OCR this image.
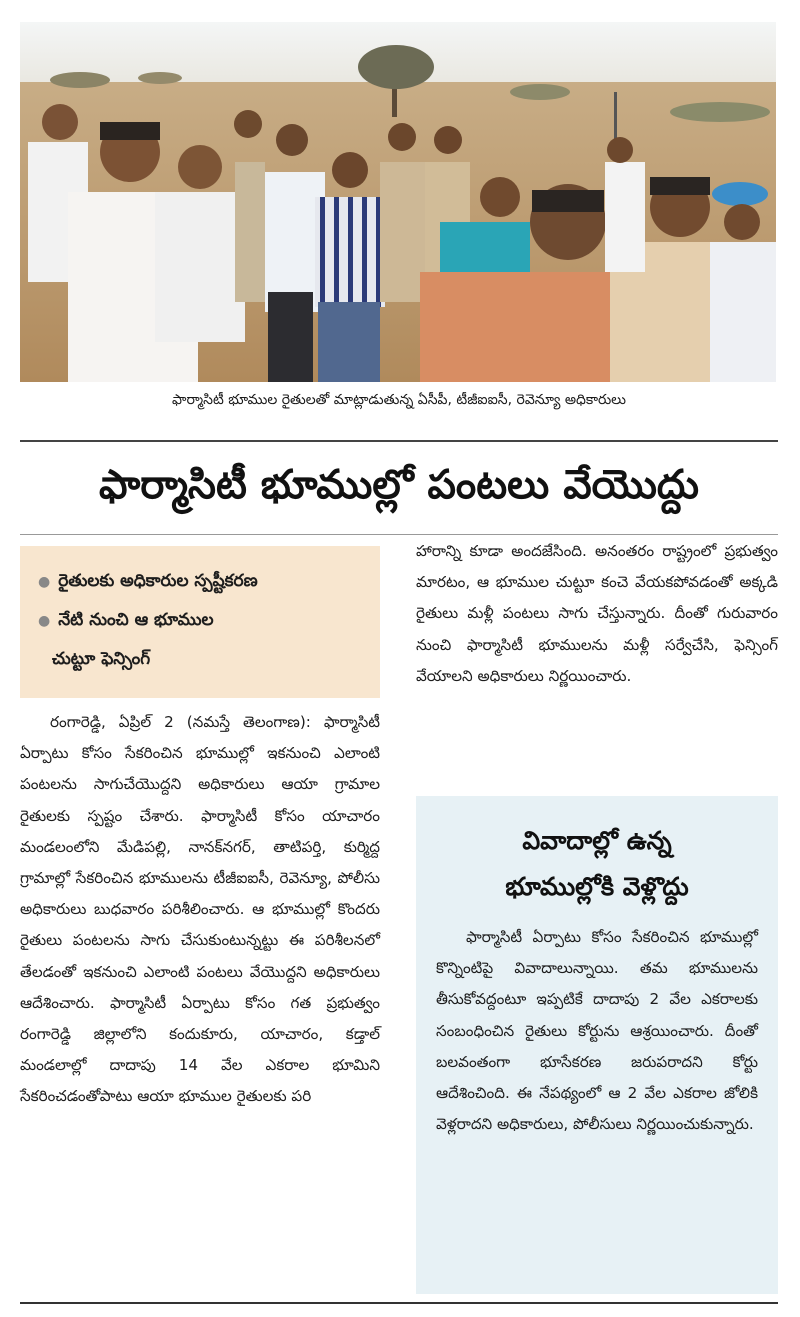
ఫార్మాసిటీ భూముల రైతులతో మాట్లాడుతున్న ఏసీపీ, టీజీఐఐసీ, రెవెన్యూ అధికారులు
ఫార్మాసిటీ భూముల్లో పంటలు వేయొద్దు
● రైతులకు అధికారుల స్పష్టీకరణ
● నేటి నుంచి ఆ భూముల
చుట్టూ ఫెన్సింగ్

రంగారెడ్డి, ఏప్రిల్ 2 (నమస్తే తెలంగాణ): ఫార్మాసిటీ ఏర్పాటు కోసం సేకరించిన భూముల్లో ఇకనుంచి ఎలాంటి పంటలను సాగుచేయొద్దని అధికారులు ఆయా గ్రామాల రైతులకు స్పష్టం చేశారు. ఫార్మాసిటీ కోసం యాచారం మండలంలోని మేడిపల్లి, నానక్‌నగర్, తాటిపర్తి, కుర్మిద్ద గ్రామాల్లో సేకరించిన భూములను టీజీఐఐసీ, రెవెన్యూ, పోలీసు అధికారులు బుధవారం పరిశీలించారు. ఆ భూముల్లో కొందరు రైతులు పంటలను సాగు చేసుకుంటున్నట్టు ఈ పరిశీలనలో తేలడంతో ఇకనుంచి ఎలాంటి పంటలు వేయొద్దని అధికారులు ఆదేశించారు. ఫార్మాసిటీ ఏర్పాటు కోసం గత ప్రభుత్వం రంగారెడ్డి జిల్లాలోని కందుకూరు, యాచారం, కడ్తాల్ మండలాల్లో దాదాపు 14 వేల ఎకరాల భూమిని సేకరించడంతోపాటు ఆయా భూముల రైతులకు పరి

హారాన్ని కూడా అందజేసింది. అనంతరం రాష్ట్రంలో ప్రభుత్వం మారటం, ఆ భూముల చుట్టూ కంచె వేయకపోవడంతో అక్కడి రైతులు మళ్లీ పంటలు సాగు చేస్తున్నారు. దీంతో గురువారం నుంచి ఫార్మాసిటీ భూములను మళ్లీ సర్వేచేసి, ఫెన్సింగ్ వేయాలని అధికారులు నిర్ణయించారు.

వివాదాల్లో ఉన్న
భూముల్లోకి వెళ్లొద్దు
ఫార్మాసిటీ ఏర్పాటు కోసం సేకరించిన భూముల్లో కొన్నింటిపై వివాదాలున్నాయి. తమ భూములను తీసుకోవద్దంటూ ఇప్పటికే దాదాపు 2 వేల ఎకరాలకు సంబంధించిన రైతులు కోర్టును ఆశ్రయించారు. దీంతో బలవంతంగా భూసేకరణ జరుపరాదని కోర్టు ఆదేశించింది. ఈ నేపథ్యంలో ఆ 2 వేల ఎకరాల జోలికి వెళ్లరాదని అధికారులు, పోలీసులు నిర్ణయించుకున్నారు.
